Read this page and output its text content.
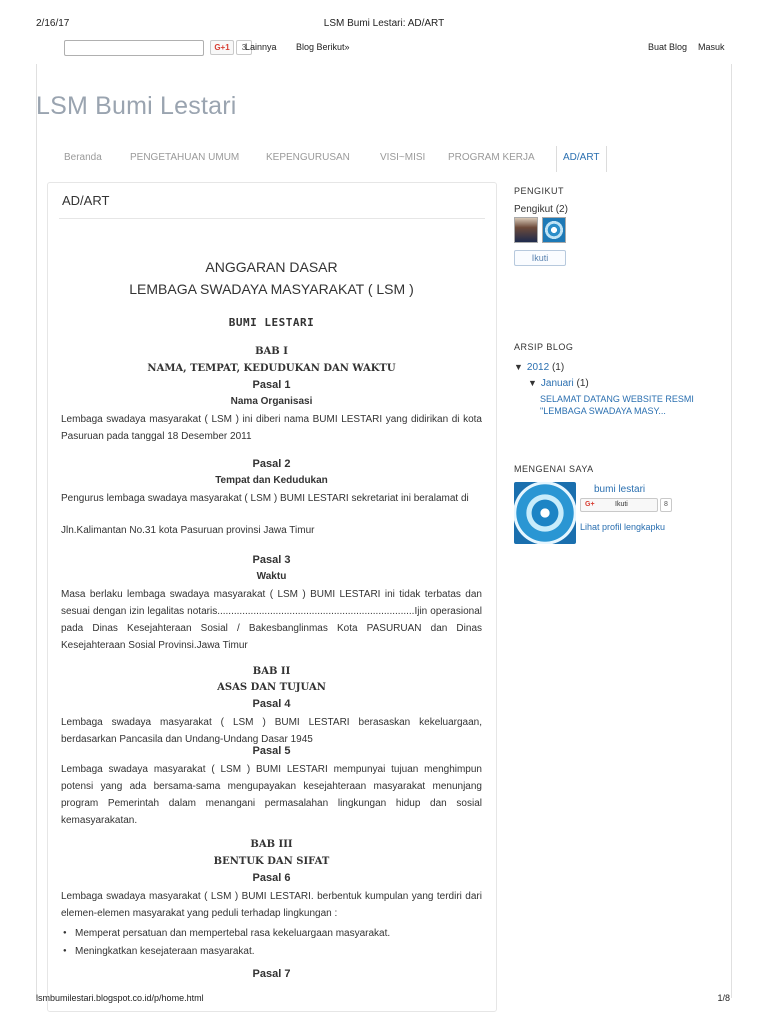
2/16/17	LSM Bumi Lestari: AD/ART
G+1	3
Lainnya Blog Berikut»	Buat Blog Masuk
LSM Bumi Lestari
Beranda	PENGETAHUAN UMUM	KEPENGURUSAN	VISI~MISI PROGRAM KERJA	AD/ART
AD/ART
ANGGARAN DASAR
LEMBAGA SWADAYA MASYARAKAT ( LSM )
BUMI LESTARI
BAB I
NAMA, TEMPAT, KEDUDUKAN DAN WAKTU
Pasal 1
Nama Organisasi
Lembaga swadaya masyarakat ( LSM ) ini diberi nama BUMI LESTARI yang didirikan di kota Pasuruan pada tanggal 18 Desember 2011
Pasal 2
Tempat dan Kedudukan
Pengurus lembaga swadaya masyarakat ( LSM ) BUMI LESTARI sekretariat ini beralamat di
Jln.Kalimantan No.31 kota Pasuruan provinsi Jawa Timur
Pasal 3
Waktu
Masa berlaku lembaga swadaya masyarakat ( LSM ) BUMI LESTARI ini tidak terbatas dan sesuai dengan izin legalitas notaris.......................................................................Ijin operasional pada Dinas Kesejahteraan Sosial / Bakesbanglinmas Kota PASURUAN dan Dinas Kesejahteraan Sosial Provinsi.Jawa Timur
BAB II
ASAS DAN TUJUAN
Pasal 4
Lembaga swadaya masyarakat ( LSM ) BUMI LESTARI berasaskan kekeluargaan, berdasarkan Pancasila dan Undang-Undang Dasar 1945
Pasal 5
Lembaga swadaya masyarakat ( LSM ) BUMI LESTARI mempunyai tujuan menghimpun potensi yang ada bersama-sama mengupayakan kesejahteraan masyarakat menunjang program Pemerintah dalam menangani permasalahan lingkungan hidup dan sosial kemasyarakatan.
BAB III
BENTUK DAN SIFAT
Pasal 6
Lembaga swadaya masyarakat ( LSM ) BUMI LESTARI. berbentuk kumpulan yang terdiri dari elemen-elemen masyarakat yang peduli terhadap lingkungan :
● Memperat persatuan dan mempertebal rasa kekeluargaan masyarakat.
● Meningkatkan kesejateraan masyarakat.
Pasal 7
PENGIKUT
Pengikut (2)
Ikuti
ARSIP BLOG
▼ 2012 (1)
▼ Januari (1)
SELAMAT DATANG WEBSITE RESMI "LEMBAGA SWADAYA MASY...
MENGENAI SAYA
bumi lestari
G+	Ikuti	8
Lihat profil lengkapku
lsmbumilestari.blogspot.co.id/p/home.html	1/8
